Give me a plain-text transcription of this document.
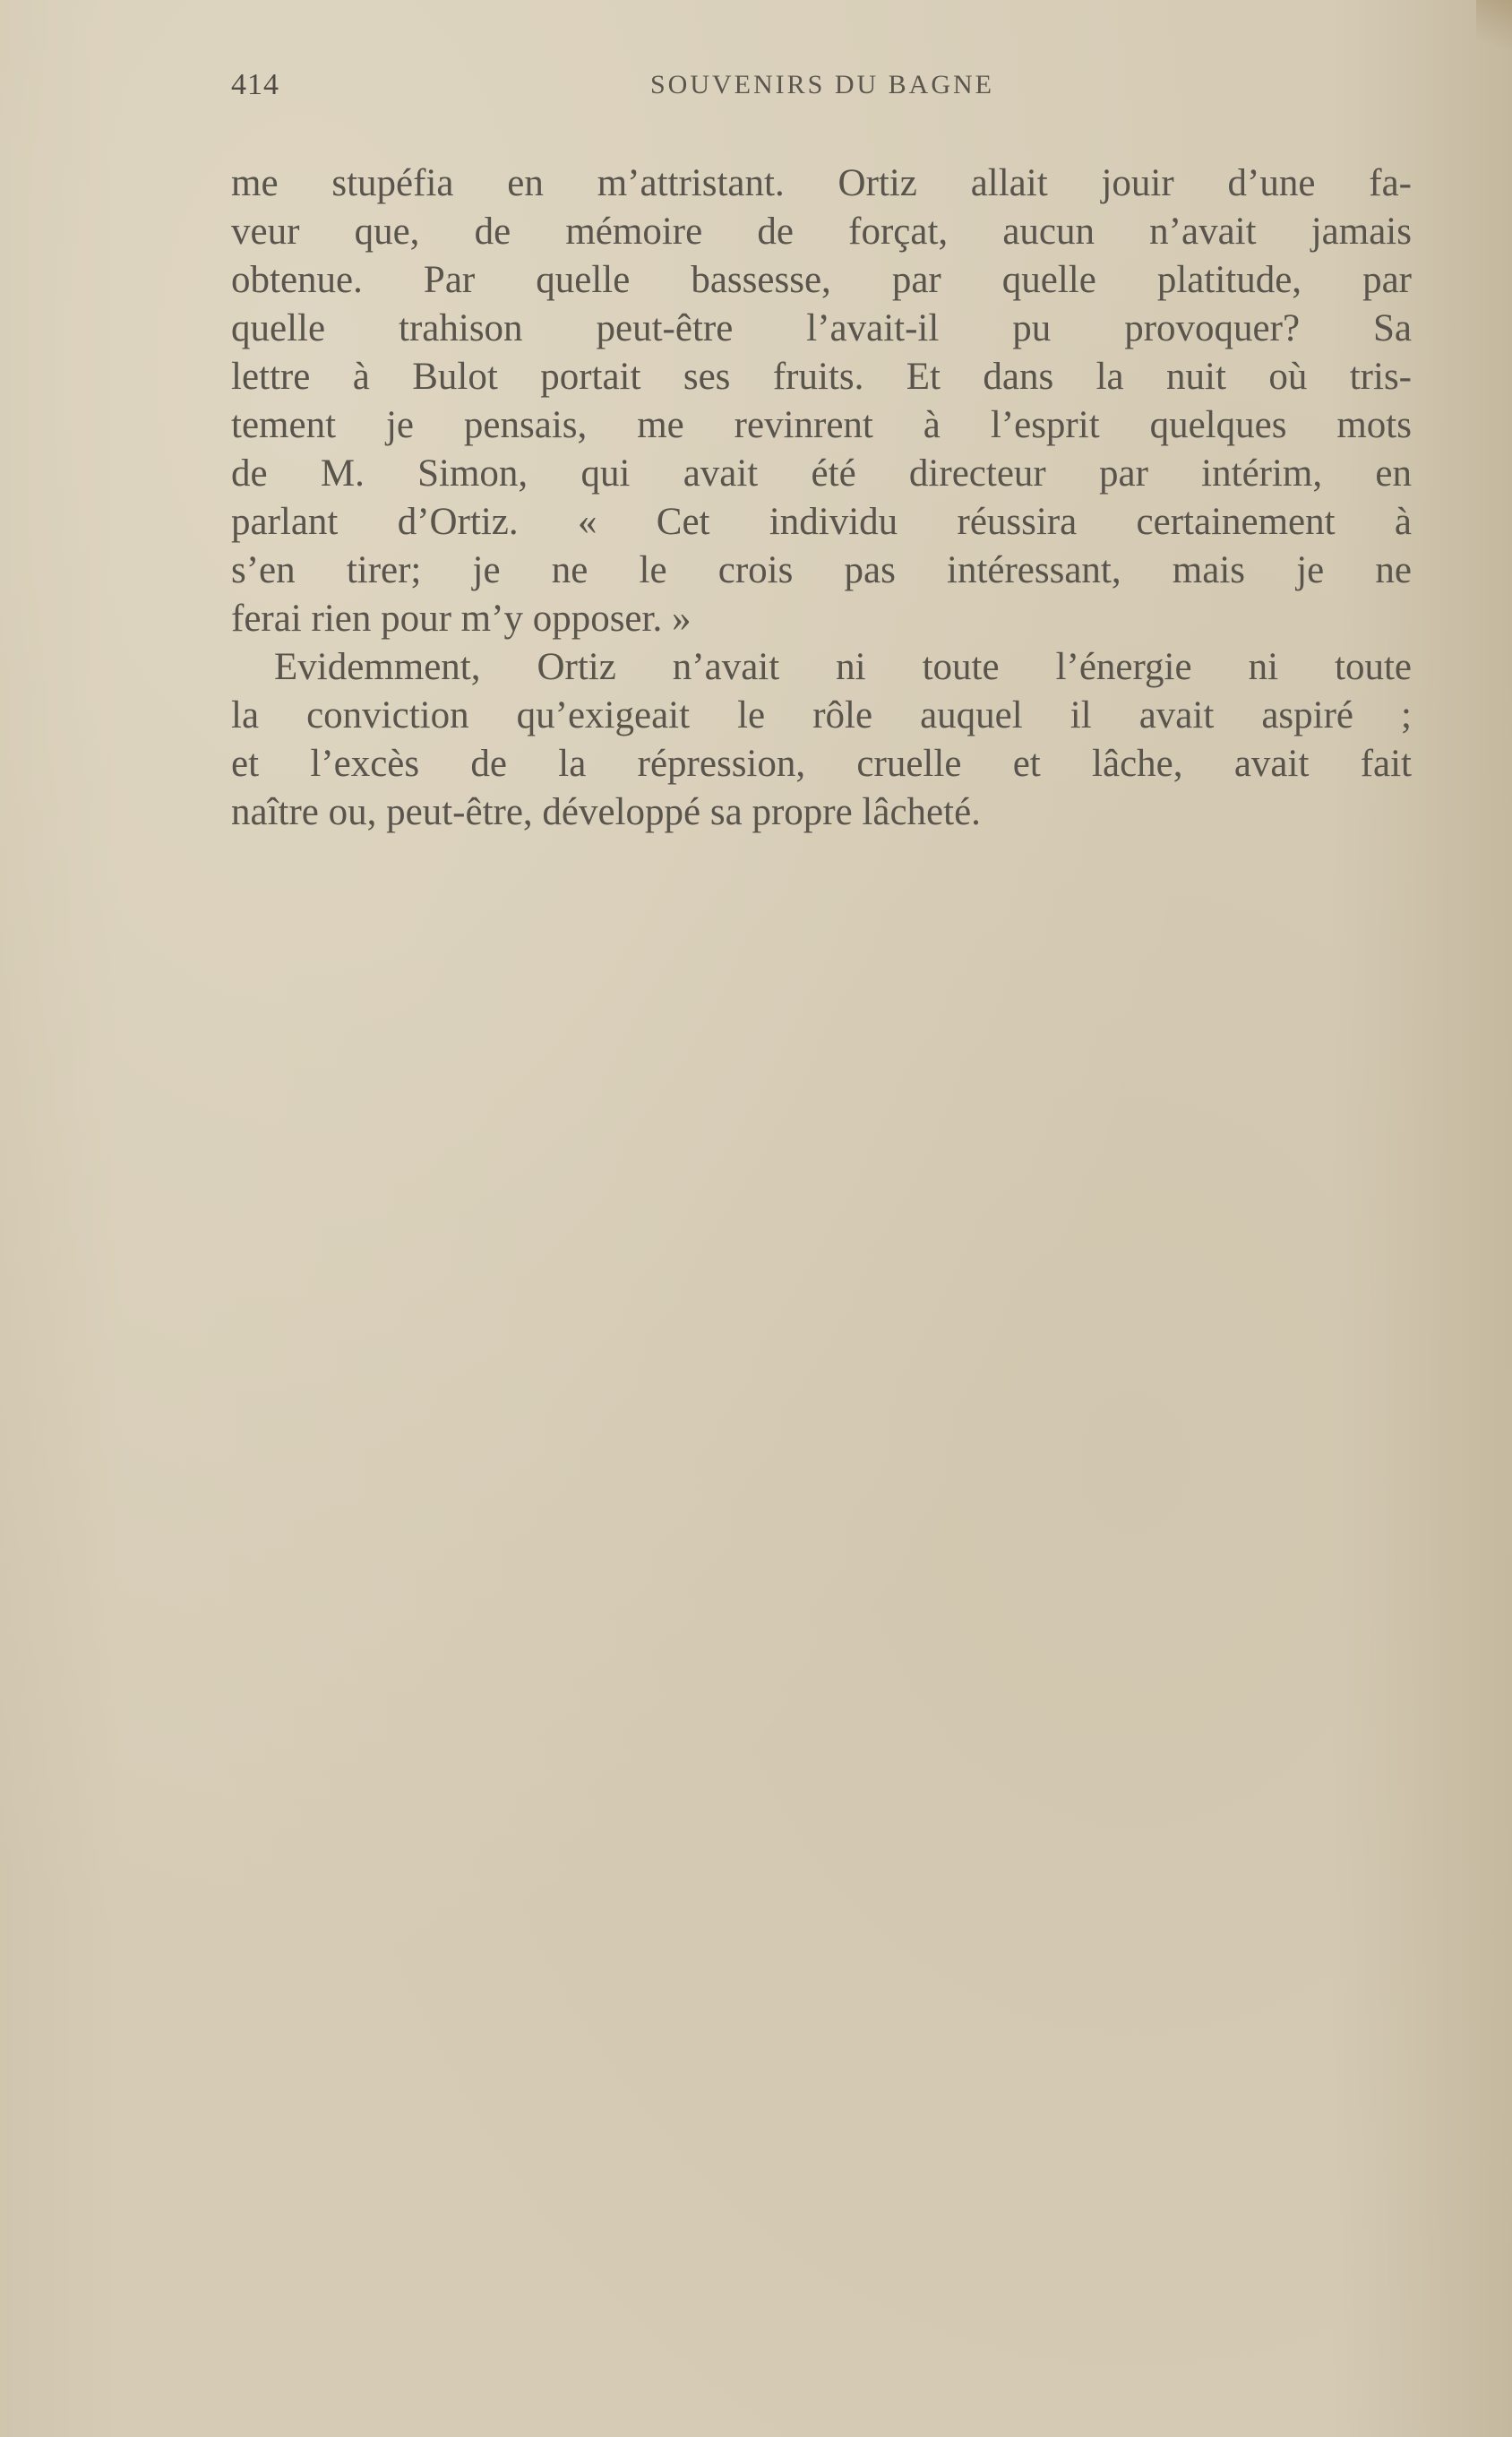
414	SOUVENIRS DU BAGNE
me stupéfia en m’attristant. Ortiz allait jouir d’une fa-
veur que, de mémoire de forçat, aucun n’avait jamais
obtenue. Par quelle bassesse, par quelle platitude, par
quelle trahison peut-être l’avait-il pu provoquer? Sa
lettre à Bulot portait ses fruits. Et dans la nuit où tris-
tement je pensais, me revinrent à l’esprit quelques mots
de M. Simon, qui avait été directeur par intérim, en
parlant d’Ortiz. « Cet individu réussira certainement à
s’en tirer; je ne le crois pas intéressant, mais je ne
ferai rien pour m’y opposer. »
Evidemment, Ortiz n’avait ni toute l’énergie ni toute
la conviction qu’exigeait le rôle auquel il avait aspiré ;
et l’excès de la répression, cruelle et lâche, avait fait
naître ou, peut-être, développé sa propre lâcheté.
